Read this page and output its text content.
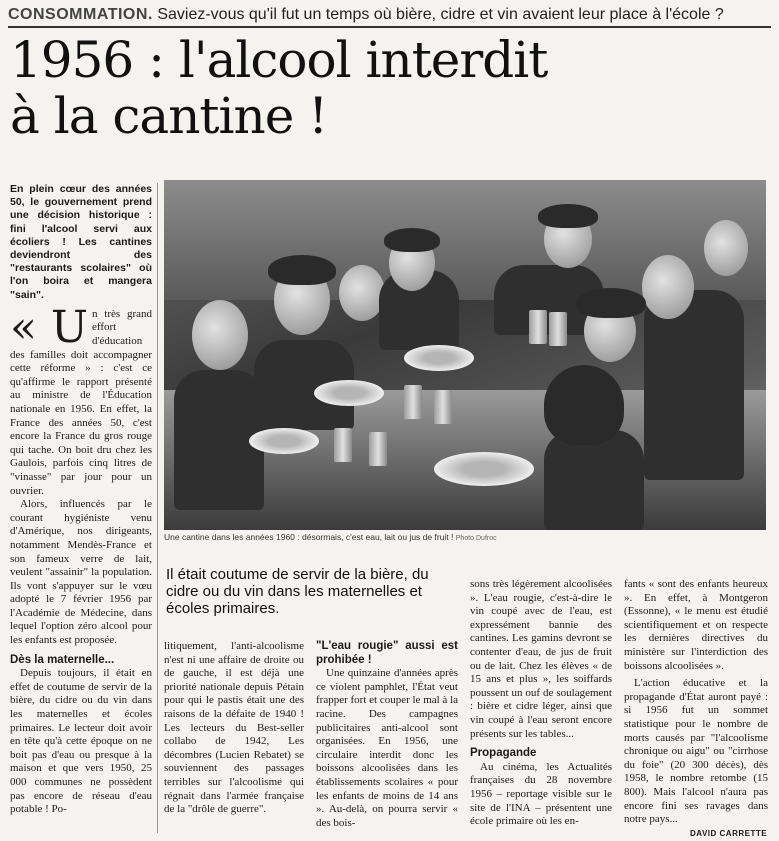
CONSOMMATION. Saviez-vous qu'il fut un temps où bière, cidre et vin avaient leur place à l'école ?
1956 : l'alcool interdit
à la cantine !
En plein cœur des années 50, le gouvernement prend une décision historique : fini l'alcool servi aux écoliers ! Les cantines deviendront des "restaurants scolaires" où l'on boira et mangera "sain".
« U n très grand effort d'éducation des familles doit accompagner cette réforme » : c'est ce qu'affirme le rapport présenté au ministre de l'Éducation nationale en 1956. En effet, la France des années 50, c'est encore la France du gros rouge qui tache. On boit dru chez les Gaulois, parfois cinq litres de "vinasse" par jour pour un ouvrier.
Alors, influencés par le courant hygiéniste venu d'Amérique, nos dirigeants, notamment Mendès-France et son fameux verre de lait, veulent "assainir" la population. Ils vont s'appuyer sur le vœu adopté le 7 février 1956 par l'Académie de Médecine, dans lequel l'option zéro alcool pour les enfants est proposée.
Dès la maternelle...
Depuis toujours, il était en effet de coutume de servir de la bière, du cidre ou du vin dans les maternelles et écoles primaires. Le lecteur doit avoir en tête qu'à cette époque on ne boit pas d'eau ou presque à la maison et que vers 1950, 25 000 communes ne possèdent pas encore de réseau d'eau potable ! Po-
Une cantine dans les années 1960 : désormais, c'est eau, lait ou jus de fruit ! Photo Dufroc
Il était coutume de servir de la bière, du cidre ou du vin dans les maternelles et écoles primaires.
litiquement, l'anti-alcoolisme n'est ni une affaire de droite ou de gauche, il est déjà une priorité nationale depuis Pétain pour qui le pastis était une des raisons de la défaite de 1940 ! Les lecteurs du Best-seller collabo de 1942, Les décombres (Lucien Rebatet) se souviennent des passages terribles sur l'alcoolisme qui régnait dans l'armée française de la "drôle de guerre".
"L'eau rougie" aussi est prohibée !
Une quinzaine d'années après ce violent pamphlet, l'État veut frapper fort et couper le mal à la racine. Des campagnes publicitaires anti-alcool sont organisées. En 1956, une circulaire interdit donc les boissons alcoolisées dans les établissements scolaires « pour les enfants de moins de 14 ans ». Au-delà, on pourra servir « des bois-
sons très légèrement alcoolisées ». L'eau rougie, c'est-à-dire le vin coupé avec de l'eau, est expressément bannie des cantines. Les gamins devront se contenter d'eau, de jus de fruit ou de lait. Chez les élèves « de 15 ans et plus », les soiffards poussent un ouf de soulagement : bière et cidre léger, ainsi que vin coupé à l'eau seront encore présents sur les tables...
Propagande
Au cinéma, les Actualités françaises du 28 novembre 1956 – reportage visible sur le site de l'INA – présentent une école primaire où les en-
fants « sont des enfants heureux ». En effet, à Montgeron (Essonne), « le menu est étudié scientifiquement et on respecte les dernières directives du ministère sur l'interdiction des boissons alcoolisées ».
L'action éducative et la propagande d'État auront payé : si 1956 fut un sommet statistique pour le nombre de morts causés par "l'alcoolisme chronique ou aigu" ou "cirrhose du foie" (20 300 décès), dès 1958, le nombre retombe (15 800). Mais l'alcool n'aura pas encore fini ses ravages dans notre pays...
DAVID CARRETTE
